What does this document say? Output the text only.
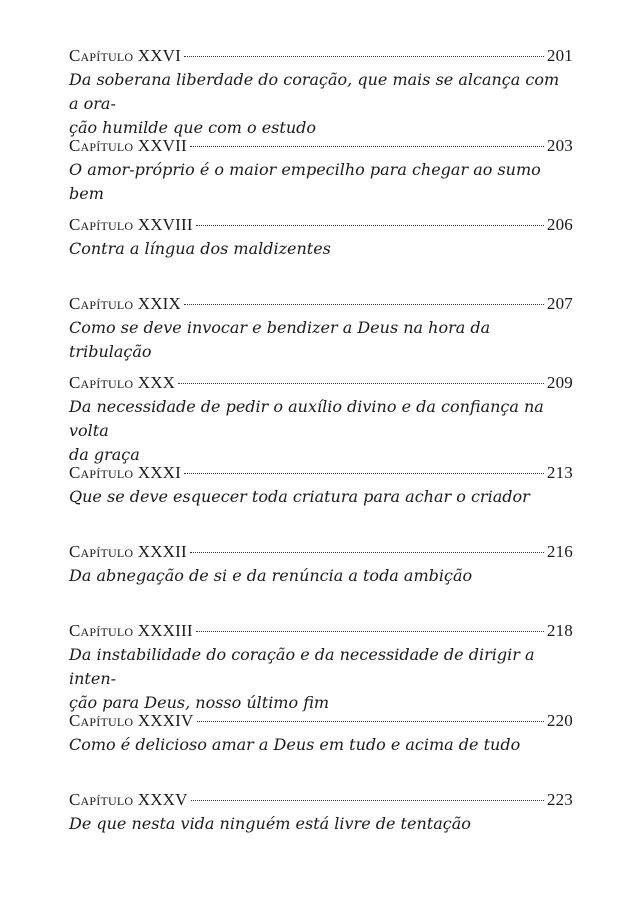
Capítulo XXVI	201
Da soberana liberdade do coração, que mais se alcança com a ora-
ção humilde que com o estudo
Capítulo XXVII	203
O amor-próprio é o maior empecilho para chegar ao sumo bem
Capítulo XXVIII	206
Contra a língua dos maldizentes
Capítulo XXIX	207
Como se deve invocar e bendizer a Deus na hora da tribulação
Capítulo XXX	209
Da necessidade de pedir o auxílio divino e da confiança na volta
da graça
Capítulo XXXI	213
Que se deve esquecer toda criatura para achar o criador
Capítulo XXXII	216
Da abnegação de si e da renúncia a toda ambição
Capítulo XXXIII	218
Da instabilidade do coração e da necessidade de dirigir a inten-
ção para Deus, nosso último fim
Capítulo XXXIV	220
Como é delicioso amar a Deus em tudo e acima de tudo
Capítulo XXXV	223
De que nesta vida ninguém está livre de tentação
